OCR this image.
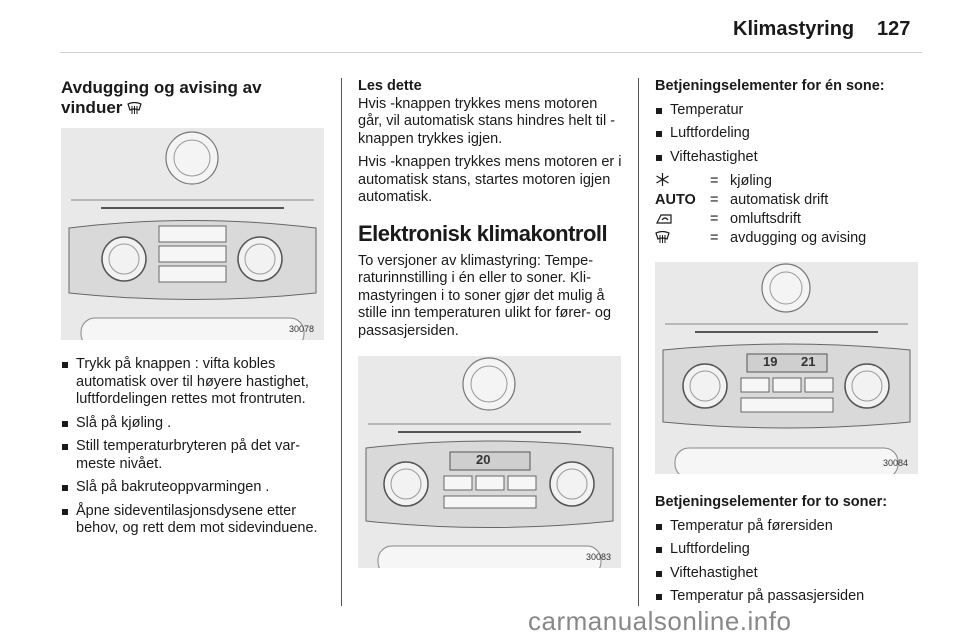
Klimastyring 127
Avdugging og avising av vinduer
30078
Trykk på knappen : vifta kobles automatisk over til høyere hastighet, luftfordelingen rettes mot frontruten.
Slå på kjøling .
Still temperaturbryteren på det varmeste nivået.
Slå på bakruteoppvarmingen .
Åpne sideventilasjonsdysene etter behov, og rett dem mot sidevinduene.

Les dette

Hvis -knappen trykkes mens motoren går, vil automatisk stans hindres helt til -knappen trykkes igjen.

Hvis -knappen trykkes mens motoren er i automatisk stans, startes motoren igjen automatisk.

Elektronisk klimakontroll

To versjoner av klimastyring: Temperaturinnstilling i én eller to soner. Klimastyringen i to soner gjør det mulig å stille inn temperaturen ulikt for fører- og passasjersiden.

20
30083

Betjeningselementer for én sone:

Temperatur
Luftfordeling
Viftehastighet
	=	kjøling
AUTO	=	automatisk drift
	=	omluftsdrift
	=	avdugging og avising
19 21
30084

Betjeningselementer for to soner:

Temperatur på førersiden
Luftfordeling
Viftehastighet
Temperatur på passasjersiden
carmanualsonline.info
